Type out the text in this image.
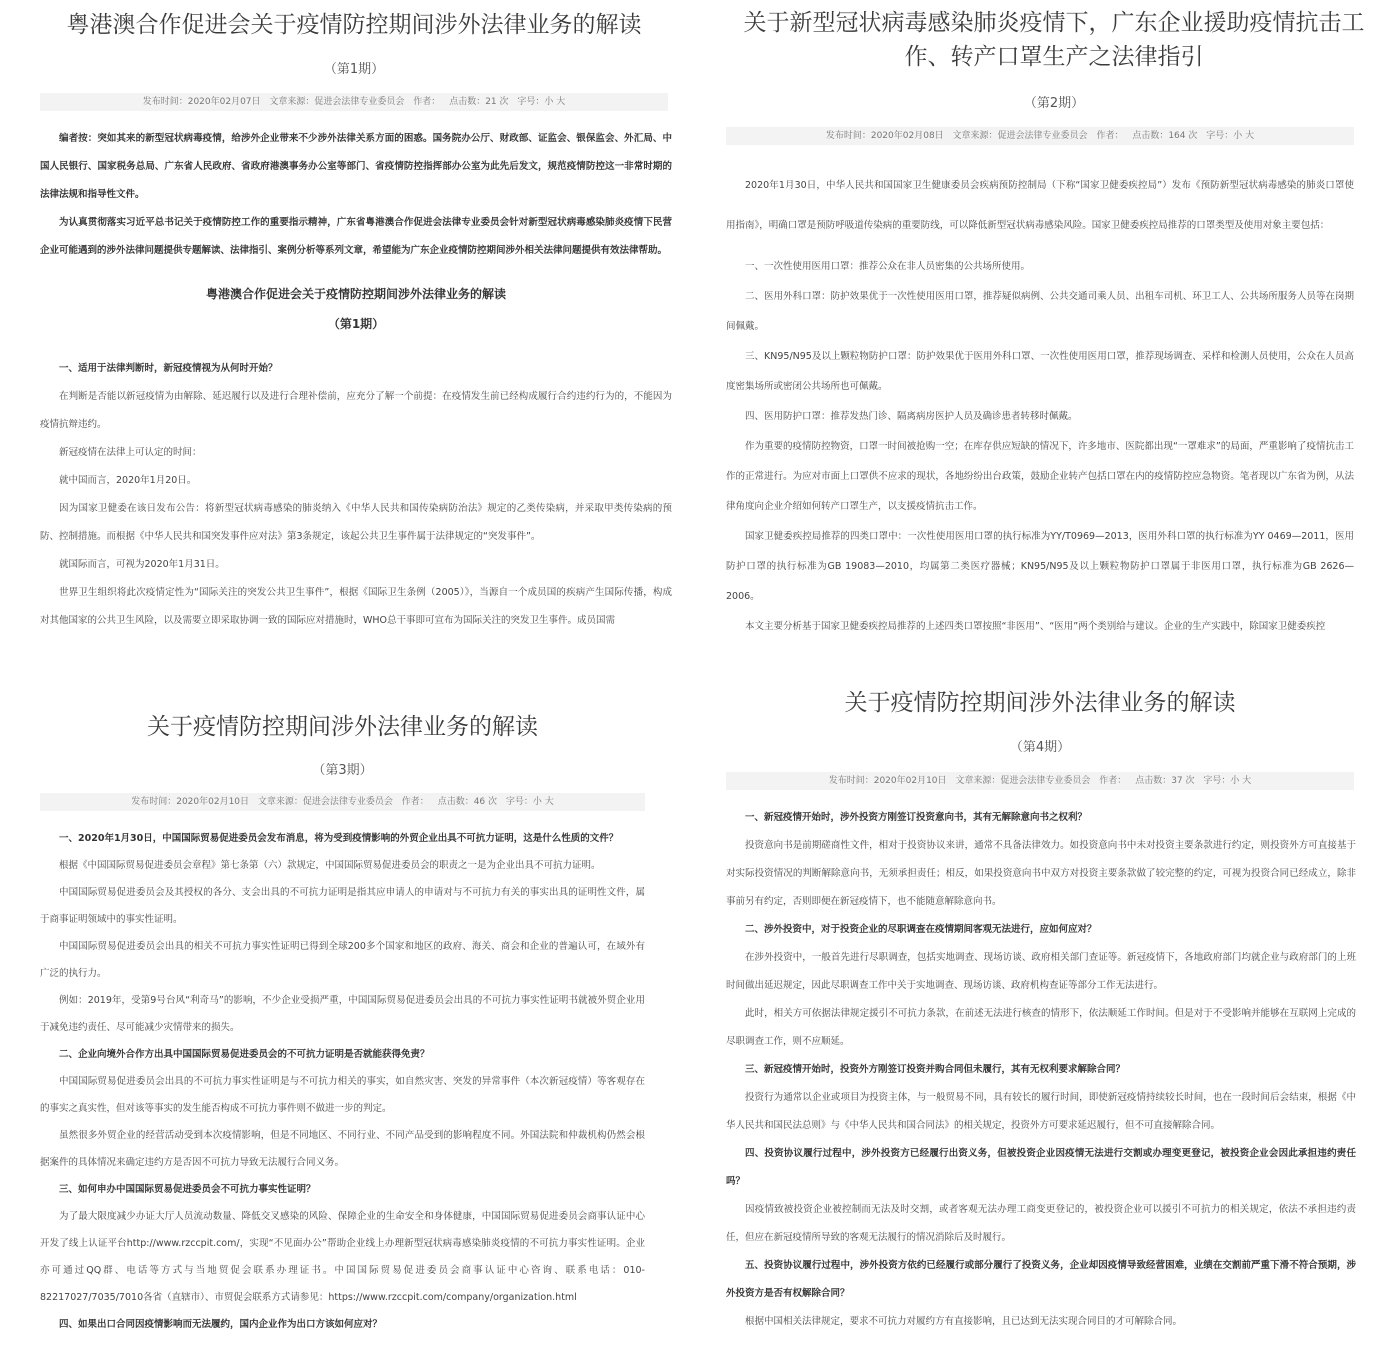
粤港澳合作促进会关于疫情防控期间涉外法律业务的解读
（第1期）
发布时间：2020年02月07日 文章来源：促进会法律专业委员会 作者： 点击数：21 次 字号：小 大

编者按：突如其来的新型冠状病毒疫情，给涉外企业带来不少涉外法律关系方面的困惑。国务院办公厅、财政部、证监会、银保监会、外汇局、中国人民银行、国家税务总局、广东省人民政府、省政府港澳事务办公室等部门、省疫情防控指挥部办公室为此先后发文，规范疫情防控这一非常时期的法律法规和指导性文件。

为认真贯彻落实习近平总书记关于疫情防控工作的重要指示精神，广东省粤港澳合作促进会法律专业委员会针对新型冠状病毒感染肺炎疫情下民营企业可能遇到的涉外法律问题提供专题解读、法律指引、案例分析等系列文章，希望能为广东企业疫情防控期间涉外相关法律问题提供有效法律帮助。

粤港澳合作促进会关于疫情防控期间涉外法律业务的解读
（第1期）

一、适用于法律判断时，新冠疫情视为从何时开始？

在判断是否能以新冠疫情为由解除、延迟履行以及进行合理补偿前，应充分了解一个前提：在疫情发生前已经构成履行合约违约行为的，不能因为疫情抗辩违约。

新冠疫情在法律上可认定的时间：

就中国而言，2020年1月20日。

因为国家卫健委在该日发布公告：将新型冠状病毒感染的肺炎纳入《中华人民共和国传染病防治法》规定的乙类传染病，并采取甲类传染病的预防、控制措施。而根据《中华人民共和国突发事件应对法》第3条规定，该起公共卫生事件属于法律规定的“突发事件”。

就国际而言，可视为2020年1月31日。

世界卫生组织将此次疫情定性为“国际关注的突发公共卫生事件”，根据《国际卫生条例（2005）》，当源自一个成员国的疾病产生国际传播，构成对其他国家的公共卫生风险，以及需要立即采取协调一致的国际应对措施时，WHO总干事即可宣布为国际关注的突发卫生事件。成员国需

关于新型冠状病毒感染肺炎疫情下，广东企业援助疫情抗击工作、转产口罩生产之法律指引
（第2期）
发布时间：2020年02月08日 文章来源：促进会法律专业委员会 作者： 点击数：164 次 字号：小 大

2020年1月30日，中华人民共和国国家卫生健康委员会疾病预防控制局（下称“国家卫健委疾控局”）发布《预防新型冠状病毒感染的肺炎口罩使用指南》，明确口罩是预防呼吸道传染病的重要防线，可以降低新型冠状病毒感染风险。国家卫健委疾控局推荐的口罩类型及使用对象主要包括：

一、一次性使用医用口罩：推荐公众在非人员密集的公共场所使用。

二、医用外科口罩：防护效果优于一次性使用医用口罩，推荐疑似病例、公共交通司乘人员、出租车司机、环卫工人、公共场所服务人员等在岗期间佩戴。

三、KN95/N95及以上颗粒物防护口罩：防护效果优于医用外科口罩、一次性使用医用口罩，推荐现场调查、采样和检测人员使用，公众在人员高度密集场所或密闭公共场所也可佩戴。

四、医用防护口罩：推荐发热门诊、隔离病房医护人员及确诊患者转移时佩戴。

作为重要的疫情防控物资，口罩一时间被抢购一空；在库存供应短缺的情况下，许多地市、医院都出现“一罩难求”的局面，严重影响了疫情抗击工作的正常进行。为应对市面上口罩供不应求的现状，各地纷纷出台政策，鼓励企业转产包括口罩在内的疫情防控应急物资。笔者现以广东省为例，从法律角度向企业介绍如何转产口罩生产，以支援疫情抗击工作。

国家卫健委疾控局推荐的四类口罩中：一次性使用医用口罩的执行标准为YY/T0969—2013，医用外科口罩的执行标准为YY 0469—2011，医用防护口罩的执行标准为GB 19083—2010，均属第二类医疗器械；KN95/N95及以上颗粒物防护口罩属于非医用口罩，执行标准为GB 2626—2006。

本文主要分析基于国家卫健委疾控局推荐的上述四类口罩按照“非医用”、“医用”两个类别给与建议。企业的生产实践中，除国家卫健委疾控

关于疫情防控期间涉外法律业务的解读
（第3期）
发布时间：2020年02月10日 文章来源：促进会法律专业委员会 作者： 点击数：46 次 字号：小 大

一、2020年1月30日，中国国际贸易促进委员会发布消息，将为受到疫情影响的外贸企业出具不可抗力证明，这是什么性质的文件？

根据《中国国际贸易促进委员会章程》第七条第（六）款规定，中国国际贸易促进委员会的职责之一是为企业出具不可抗力证明。

中国国际贸易促进委员会及其授权的各分、支会出具的不可抗力证明是指其应申请人的申请对与不可抗力有关的事实出具的证明性文件，属于商事证明领域中的事实性证明。

中国国际贸易促进委员会出具的相关不可抗力事实性证明已得到全球200多个国家和地区的政府、海关、商会和企业的普遍认可，在域外有广泛的执行力。

例如：2019年，受第9号台风“利奇马”的影响，不少企业受损严重，中国国际贸易促进委员会出具的不可抗力事实性证明书就被外贸企业用于减免违约责任、尽可能减少灾情带来的损失。

二、企业向境外合作方出具中国国际贸易促进委员会的不可抗力证明是否就能获得免责？

中国国际贸易促进委员会出具的不可抗力事实性证明是与不可抗力相关的事实，如自然灾害、突发的异常事件（本次新冠疫情）等客观存在的事实之真实性，但对该等事实的发生能否构成不可抗力事件则不做进一步的判定。

虽然很多外贸企业的经营活动受到本次疫情影响，但是不同地区、不同行业、不同产品受到的影响程度不同。外国法院和仲裁机构仍然会根据案件的具体情况来确定违约方是否因不可抗力导致无法履行合同义务。

三、如何申办中国国际贸易促进委员会不可抗力事实性证明？

为了最大限度减少办证大厅人员流动数量、降低交叉感染的风险、保障企业的生命安全和身体健康，中国国际贸易促进委员会商事认证中心开发了线上认证平台http://www.rzccpit.com/，实现“不见面办公”帮助企业线上办理新型冠状病毒感染肺炎疫情的不可抗力事实性证明。企业亦可通过QQ群、电话等方式与当地贸促会联系办理证书。中国国际贸易促进委员会商事认证中心咨询、联系电话：010-82217027/7035/7010各省（直辖市）、市贸促会联系方式请参见：https://www.rzccpit.com/company/organization.html

四、如果出口合同因疫情影响而无法履约，国内企业作为出口方该如何应对？

关于疫情防控期间涉外法律业务的解读
（第4期）
发布时间：2020年02月10日 文章来源：促进会法律专业委员会 作者： 点击数：37 次 字号：小 大

一、新冠疫情开始时，涉外投资方刚签订投资意向书，其有无解除意向书之权利？

投资意向书是前期磋商性文件，相对于投资协议来讲，通常不具备法律效力。如投资意向书中未对投资主要条款进行约定，则投资外方可直接基于对实际投资情况的判断解除意向书，无须承担责任；相反，如果投资意向书中双方对投资主要条款做了较完整的约定，可视为投资合同已经成立，除非事前另有约定，否则即便在新冠疫情下，也不能随意解除意向书。

二、涉外投资中，对于投资企业的尽职调查在疫情期间客观无法进行，应如何应对？

在涉外投资中，一般首先进行尽职调查，包括实地调查、现场访谈、政府相关部门查证等。新冠疫情下，各地政府部门均就企业与政府部门的上班时间做出延迟规定，因此尽职调查工作中关于实地调查、现场访谈、政府机构查证等部分工作无法进行。

此时，相关方可依据法律规定援引不可抗力条款，在前述无法进行核查的情形下，依法顺延工作时间。但是对于不受影响并能够在互联网上完成的尽职调查工作，则不应顺延。

三、新冠疫情开始时，投资外方刚签订投资并购合同但未履行，其有无权利要求解除合同？

投资行为通常以企业或项目为投资主体，与一般贸易不同，具有较长的履行时间，即使新冠疫情持续较长时间，也在一段时间后会结束，根据《中华人民共和国民法总则》与《中华人民共和国合同法》的相关规定，投资外方可要求延迟履行，但不可直接解除合同。

四、投资协议履行过程中，涉外投资方已经履行出资义务，但被投资企业因疫情无法进行交割或办理变更登记，被投资企业会因此承担违约责任吗？

因疫情致被投资企业被控制而无法及时交割，或者客观无法办理工商变更登记的，被投资企业可以援引不可抗力的相关规定，依法不承担违约责任，但应在新冠疫情所导致的客观无法履行的情况消除后及时履行。

五、投资协议履行过程中，涉外投资方依约已经履行或部分履行了投资义务，企业却因疫情导致经营困难，业绩在交割前严重下滑不符合预期，涉外投资方是否有权解除合同？

根据中国相关法律规定，要求不可抗力对履约方有直接影响，且已达到无法实现合同目的才可解除合同。
